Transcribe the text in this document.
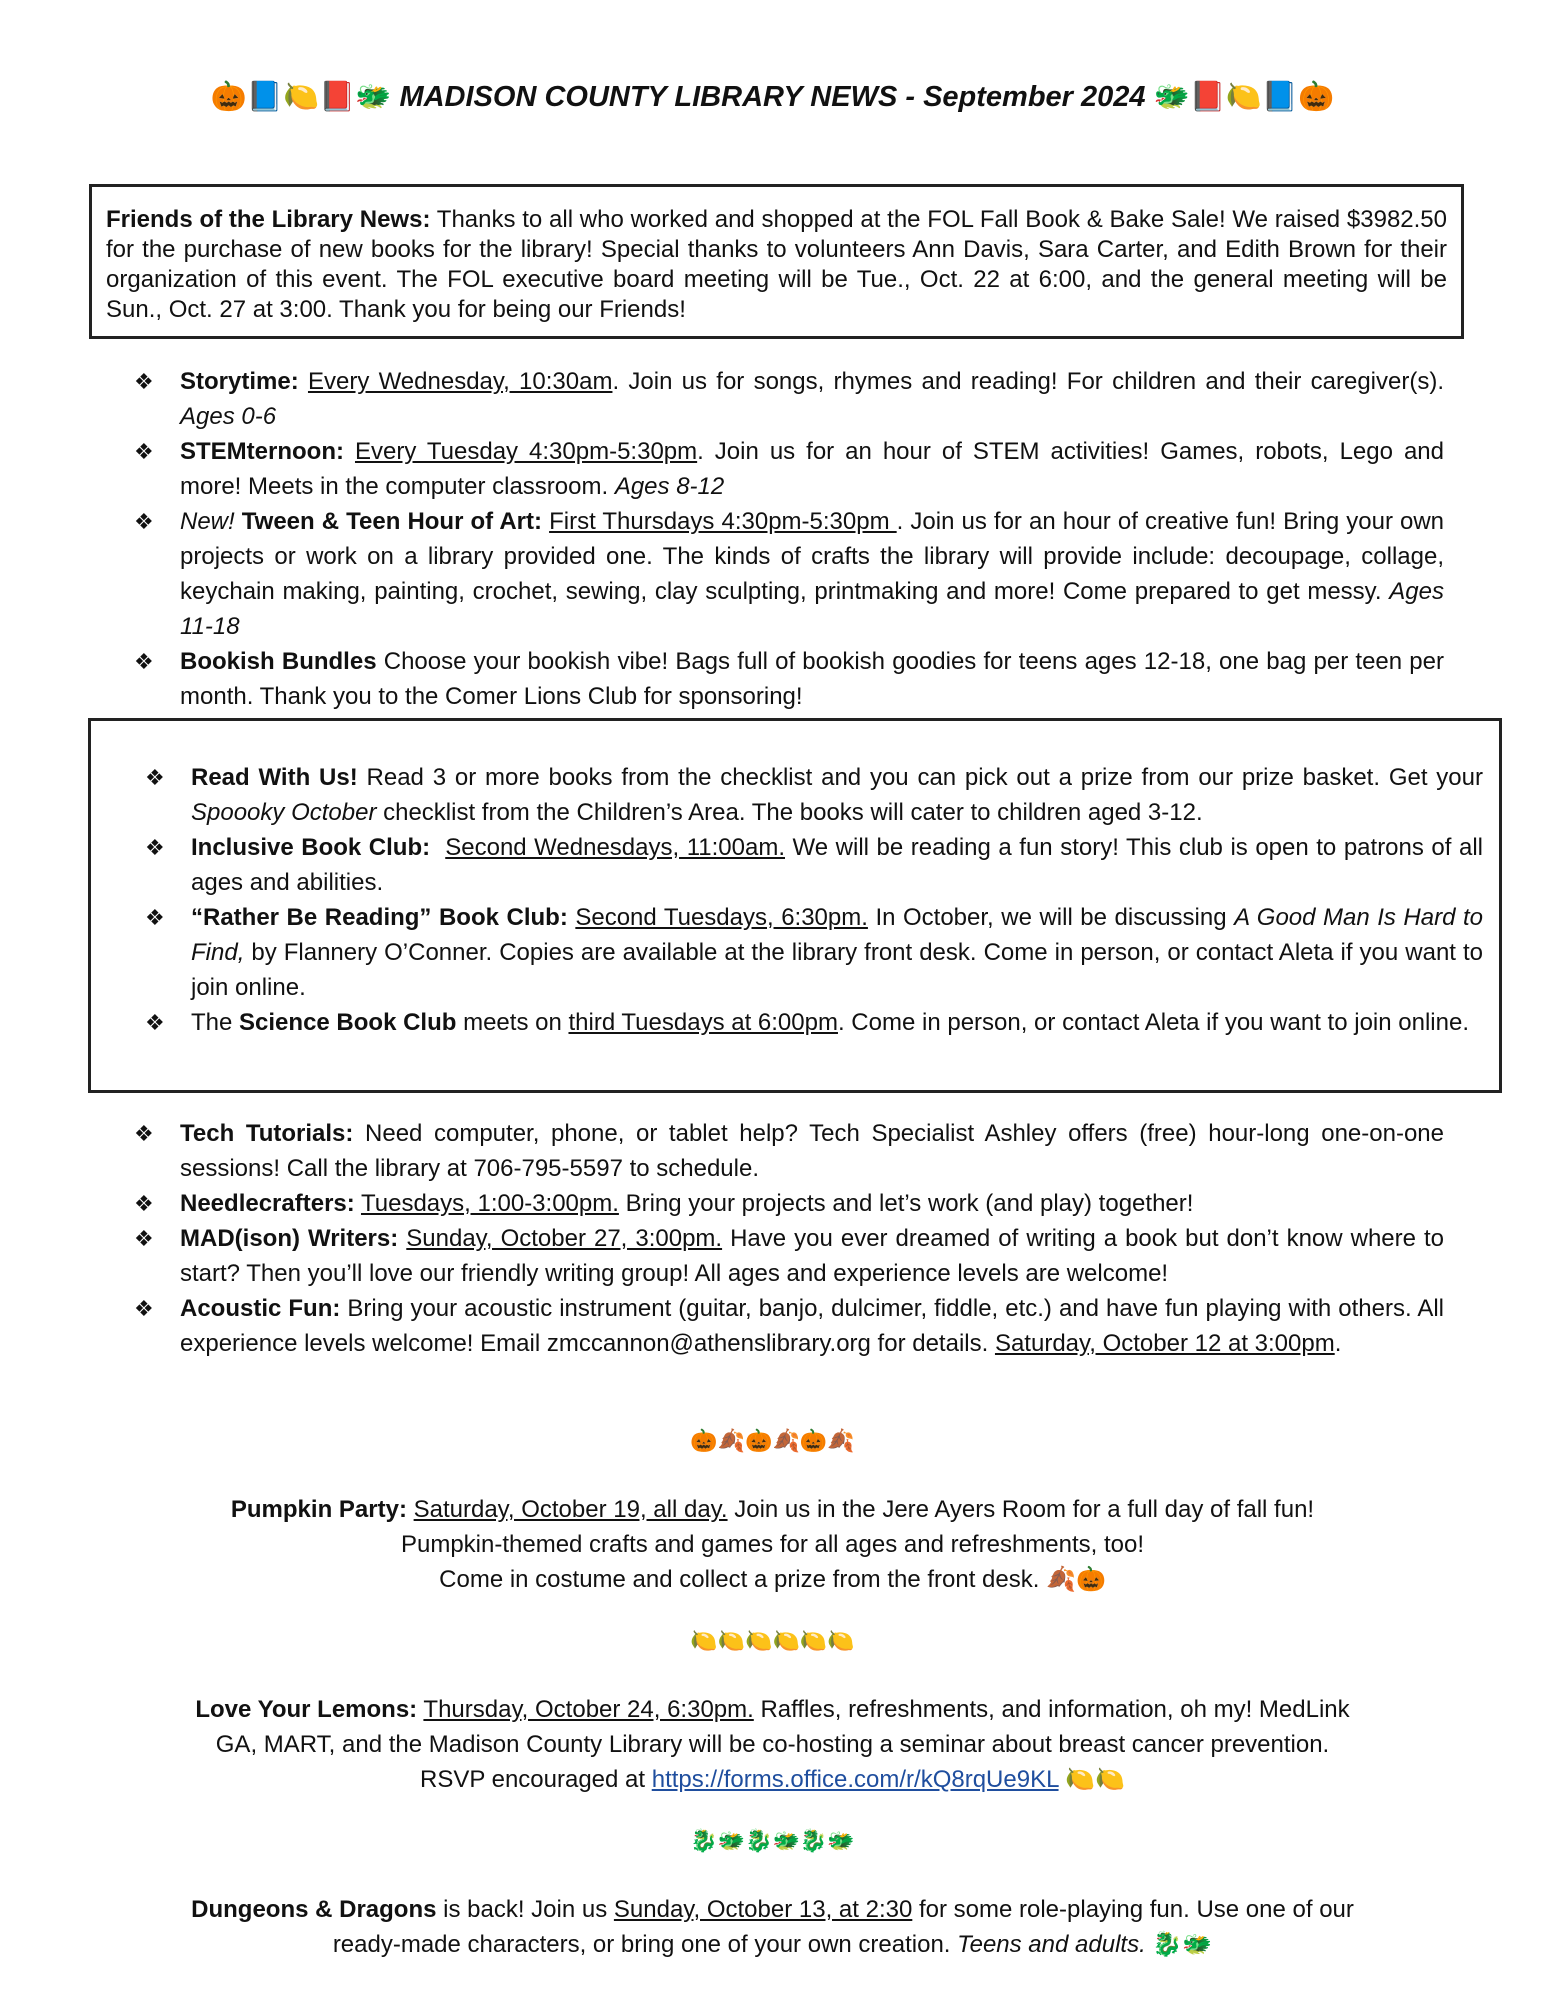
🎃📘🍋📕🐲 MADISON COUNTY LIBRARY NEWS - September 2024 🐲📕🍋📘🎃

Friends of the Library News: Thanks to all who worked and shopped at the FOL Fall Book & Bake Sale! We raised $3982.50 for the purchase of new books for the library! Special thanks to volunteers Ann Davis, Sara Carter, and Edith Brown for their organization of this event. The FOL executive board meeting will be Tue., Oct. 22 at 6:00, and the general meeting will be Sun., Oct. 27 at 3:00. Thank you for being our Friends!

❖ Storytime: Every Wednesday, 10:30am. Join us for songs, rhymes and reading! For children and their caregiver(s). Ages 0-6
❖ STEMternoon: Every Tuesday 4:30pm-5:30pm. Join us for an hour of STEM activities! Games, robots, Lego and more! Meets in the computer classroom. Ages 8-12
❖ New! Tween & Teen Hour of Art: First Thursdays 4:30pm-5:30pm . Join us for an hour of creative fun! Bring your own projects or work on a library provided one. The kinds of crafts the library will provide include: decoupage, collage, keychain making, painting, crochet, sewing, clay sculpting, printmaking and more! Come prepared to get messy. Ages 11-18
❖ Bookish Bundles Choose your bookish vibe! Bags full of bookish goodies for teens ages 12-18, one bag per teen per month. Thank you to the Comer Lions Club for sponsoring!
❖ Read With Us! Read 3 or more books from the checklist and you can pick out a prize from our prize basket. Get your Spoooky October checklist from the Children’s Area. The books will cater to children aged 3-12.
❖ Inclusive Book Club: Second Wednesdays, 11:00am. We will be reading a fun story! This club is open to patrons of all ages and abilities.
❖ “Rather Be Reading” Book Club: Second Tuesdays, 6:30pm. In October, we will be discussing A Good Man Is Hard to Find, by Flannery O’Conner. Copies are available at the library front desk. Come in person, or contact Aleta if you want to join online.
❖ The Science Book Club meets on third Tuesdays at 6:00pm. Come in person, or contact Aleta if you want to join online.
❖ Tech Tutorials: Need computer, phone, or tablet help? Tech Specialist Ashley offers (free) hour-long one-on-one sessions! Call the library at 706-795-5597 to schedule.
❖ Needlecrafters: Tuesdays, 1:00-3:00pm. Bring your projects and let’s work (and play) together!
❖ MAD(ison) Writers: Sunday, October 27, 3:00pm. Have you ever dreamed of writing a book but don’t know where to start? Then you’ll love our friendly writing group! All ages and experience levels are welcome!
❖ Acoustic Fun: Bring your acoustic instrument (guitar, banjo, dulcimer, fiddle, etc.) and have fun playing with others. All experience levels welcome! Email zmccannon@athenslibrary.org for details. Saturday, October 12 at 3:00pm.
🎃🍂🎃🍂🎃🍂
Pumpkin Party: Saturday, October 19, all day. Join us in the Jere Ayers Room for a full day of fall fun!
Pumpkin-themed crafts and games for all ages and refreshments, too!
Come in costume and collect a prize from the front desk. 🍂🎃
🍋🍋🍋🍋🍋🍋
Love Your Lemons: Thursday, October 24, 6:30pm. Raffles, refreshments, and information, oh my! MedLink
GA, MART, and the Madison County Library will be co-hosting a seminar about breast cancer prevention.
RSVP encouraged at https://forms.office.com/r/kQ8rqUe9KL 🍋🍋
🐉🐲🐉🐲🐉🐲
Dungeons & Dragons is back! Join us Sunday, October 13, at 2:30 for some role-playing fun. Use one of our
ready-made characters, or bring one of your own creation. Teens and adults. 🐉🐲
